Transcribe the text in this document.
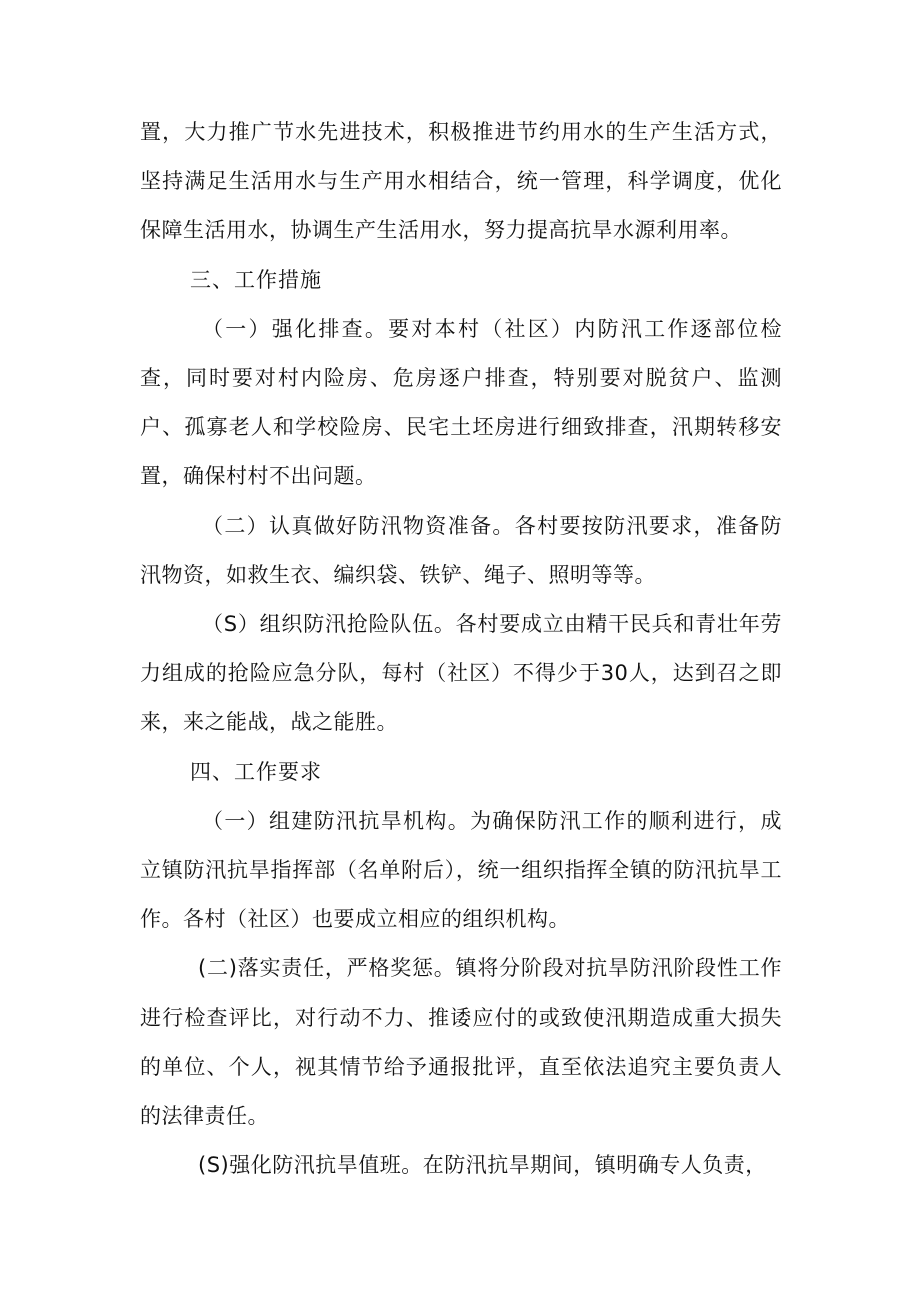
置，大力推广节水先进技术，积极推进节约用水的生产生活方式，坚持满足生活用水与生产用水相结合，统一管理，科学调度，优化保障生活用水，协调生产生活用水，努力提高抗旱水源利用率。

三、工作措施

（一）强化排查。要对本村（社区）内防汛工作逐部位检查，同时要对村内险房、危房逐户排查，特别要对脱贫户、监测户、孤寡老人和学校险房、民宅土坯房进行细致排查，汛期转移安置，确保村村不出问题。

（二）认真做好防汛物资准备。各村要按防汛要求，准备防汛物资，如救生衣、编织袋、铁铲、绳子、照明等等。

（S）组织防汛抢险队伍。各村要成立由精干民兵和青壮年劳力组成的抢险应急分队，每村（社区）不得少于30人，达到召之即来，来之能战，战之能胜。

四、工作要求

（一）组建防汛抗旱机构。为确保防汛工作的顺利进行，成立镇防汛抗旱指挥部（名单附后），统一组织指挥全镇的防汛抗旱工作。各村（社区）也要成立相应的组织机构。

(二)落实责任，严格奖惩。镇将分阶段对抗旱防汛阶段性工作进行检查评比，对行动不力、推诿应付的或致使汛期造成重大损失的单位、个人，视其情节给予通报批评，直至依法追究主要负责人的法律责任。

(S)强化防汛抗旱值班。在防汛抗旱期间，镇明确专人负责，
